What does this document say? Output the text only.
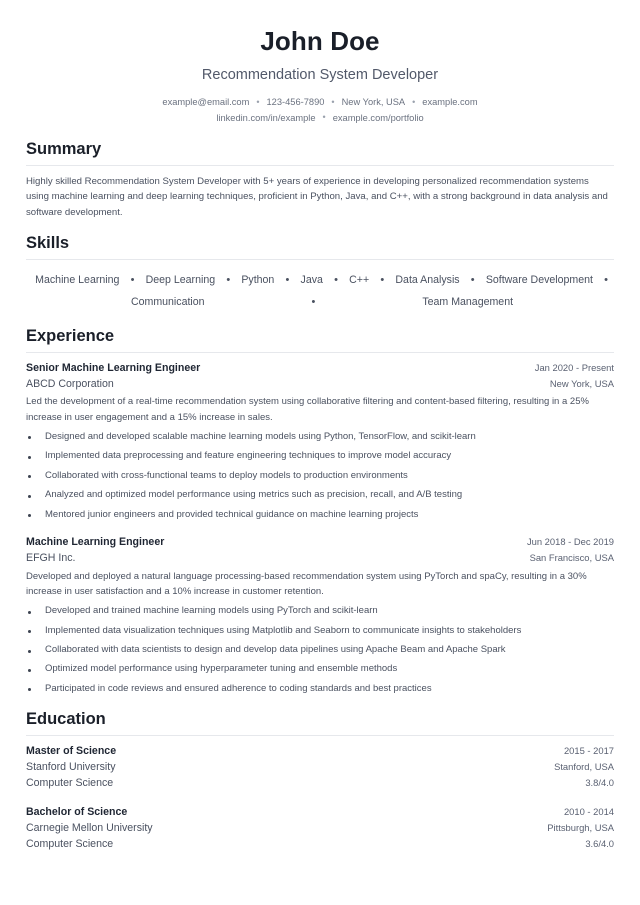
John Doe
Recommendation System Developer
example@email.com • 123-456-7890 • New York, USA • example.com
linkedin.com/in/example • example.com/portfolio
Summary

Highly skilled Recommendation System Developer with 5+ years of experience in developing personalized recommendation systems using machine learning and deep learning techniques, proficient in Python, Java, and C++, with a strong background in data analysis and software development.

Skills
Machine Learning	•	Deep Learning	•	Python	•	Java	•	C++	•	Data Analysis	•	Software Development	•
Communication	•	Team Management
Experience
Senior Machine Learning Engineer	Jan 2020 - Present
ABCD Corporation	New York, USA

Led the development of a real-time recommendation system using collaborative filtering and content-based filtering, resulting in a 25% increase in user engagement and a 15% increase in sales.

Designed and developed scalable machine learning models using Python, TensorFlow, and scikit-learn
Implemented data preprocessing and feature engineering techniques to improve model accuracy
Collaborated with cross-functional teams to deploy models to production environments
Analyzed and optimized model performance using metrics such as precision, recall, and A/B testing
Mentored junior engineers and provided technical guidance on machine learning projects
Machine Learning Engineer	Jun 2018 - Dec 2019
EFGH Inc.	San Francisco, USA

Developed and deployed a natural language processing-based recommendation system using PyTorch and spaCy, resulting in a 30% increase in user satisfaction and a 10% increase in customer retention.

Developed and trained machine learning models using PyTorch and scikit-learn
Implemented data visualization techniques using Matplotlib and Seaborn to communicate insights to stakeholders
Collaborated with data scientists to design and develop data pipelines using Apache Beam and Apache Spark
Optimized model performance using hyperparameter tuning and ensemble methods
Participated in code reviews and ensured adherence to coding standards and best practices
Education
Master of Science	2015 - 2017
Stanford University	Stanford, USA
Computer Science	3.8/4.0
Bachelor of Science	2010 - 2014
Carnegie Mellon University	Pittsburgh, USA
Computer Science	3.6/4.0
